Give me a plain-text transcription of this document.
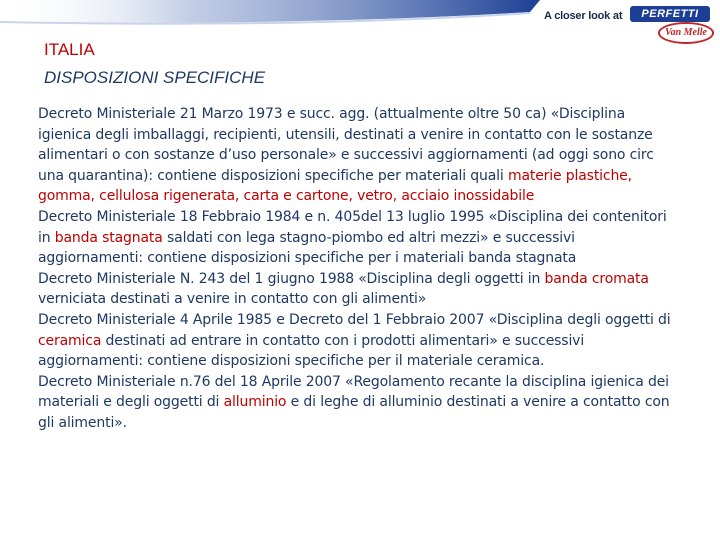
A closer look at	PERFETTI
Van Melle
ITALIA
DISPOSIZIONI SPECIFICHE

Decreto Ministeriale 21 Marzo 1973 e succ. agg. (attualmente oltre 50 ca) «Disciplina igienica degli imballaggi, recipienti, utensili, destinati a venire in contatto con le sostanze alimentari o con sostanze d’uso personale» e successivi aggiornamenti (ad oggi sono circ una quarantina): contiene disposizioni specifiche per materiali quali materie plastiche, gomma, cellulosa rigenerata, carta e cartone, vetro, acciaio inossidabile

Decreto Ministeriale 18 Febbraio 1984 e n. 405del 13 luglio 1995 «Disciplina dei contenitori in banda stagnata saldati con lega stagno-piombo ed altri mezzi» e successivi aggiornamenti: contiene disposizioni specifiche per i materiali banda stagnata

Decreto Ministeriale N. 243 del 1 giugno 1988 «Disciplina degli oggetti in banda cromata verniciata destinati a venire in contatto con gli alimenti»

Decreto Ministeriale 4 Aprile 1985 e Decreto del 1 Febbraio 2007 «Disciplina degli oggetti di ceramica destinati ad entrare in contatto con i prodotti alimentari» e successivi aggiornamenti: contiene disposizioni specifiche per il materiale ceramica.

Decreto Ministeriale n.76 del 18 Aprile 2007 «Regolamento recante la disciplina igienica dei materiali e degli oggetti di alluminio e di leghe di alluminio destinati a venire a contatto con gli alimenti».
